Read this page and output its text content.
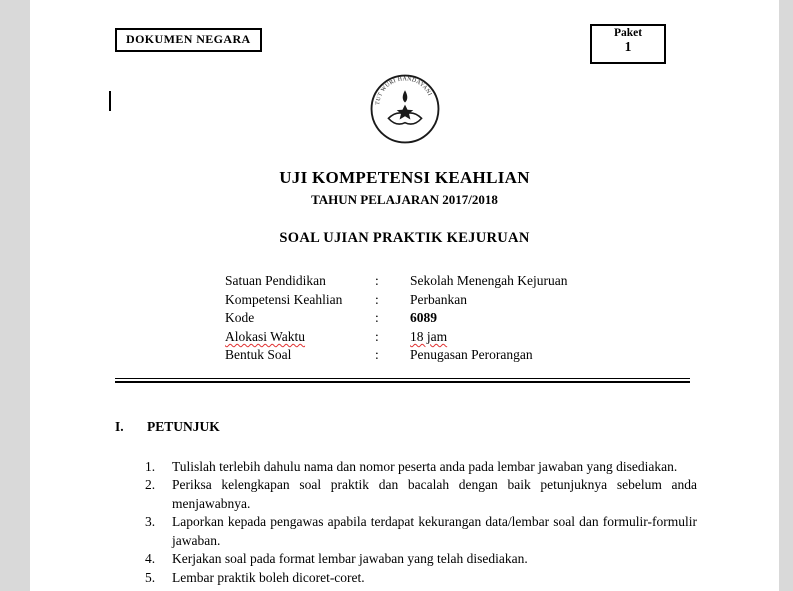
DOKUMEN NEGARA	Paket
1
TUT WURI HANDAYANI
UJI KOMPETENSI KEAHLIAN
TAHUN PELAJARAN 2017/2018
SOAL UJIAN PRAKTIK KEJURUAN
Satuan Pendidikan	:	Sekolah Menengah Kejuruan
Kompetensi Keahlian	:	Perbankan
Kode	:	6089
Alokasi Waktu	:	18 jam
Bentuk Soal	:	Penugasan Perorangan
I.	PETUNJUK
1.	Tulislah terlebih dahulu nama dan nomor peserta anda pada lembar jawaban yang disediakan.
2.	Periksa kelengkapan soal praktik dan bacalah dengan baik petunjuknya sebelum anda menjawabnya.
3.	Laporkan kepada pengawas apabila terdapat kekurangan data/lembar soal dan formulir-formulir jawaban.
4.	Kerjakan soal pada format lembar jawaban yang telah disediakan.
5.	Lembar praktik boleh dicoret-coret.
